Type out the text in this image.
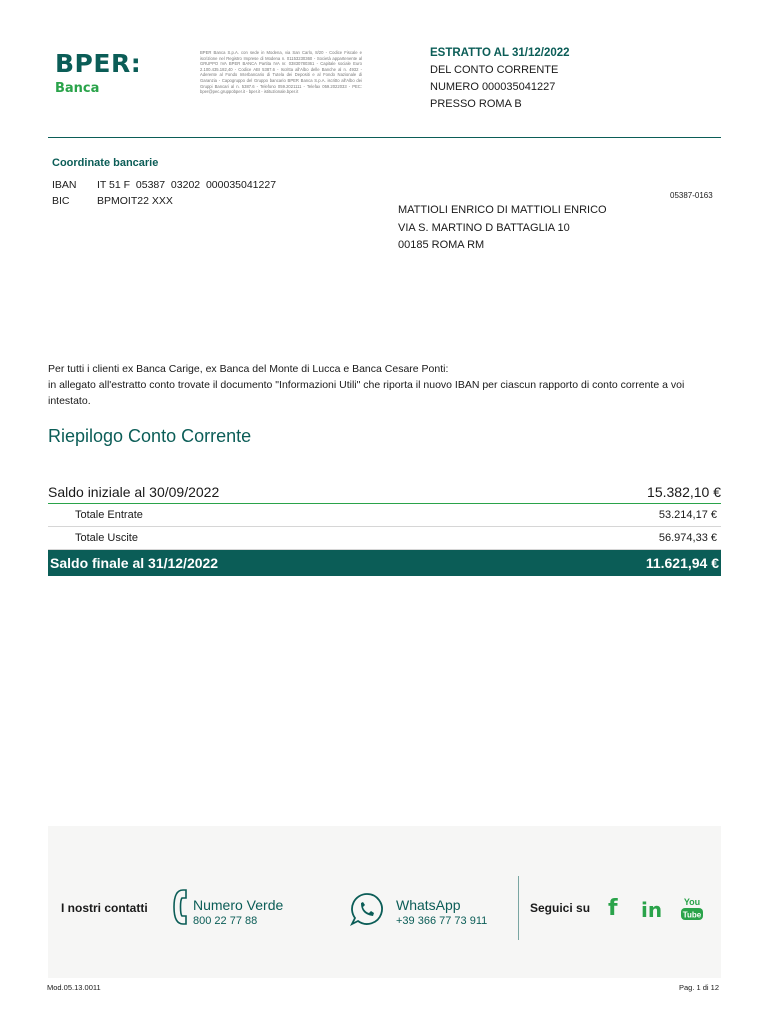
BPER:
Banca
BPER Banca S.p.A. con sede in Modena, via San Carlo, 8/20 - Codice Fiscale e iscrizione nel Registro Imprese di Modena n. 01153230360 - Società appartenente al GRUPPO IVA BPER BANCA Partita IVA nr. 03830780361 - Capitale sociale Euro 2.100.435.182,40 - Codice ABI 5387.6 - Iscritta all'Albo delle Banche al n. 4932 - Aderente al Fondo Interbancario di Tutela dei Depositi e al Fondo Nazionale di Garanzia - Capogruppo del Gruppo bancario BPER Banca S.p.A. iscritto all'Albo dei Gruppi Bancari al n. 5387.6 - Telefono 059.2021111 - Telefax 059.2022033 - PEC: bper@pec.gruppobper.it - bper.it - istituzionale.bper.it
ESTRATTO AL 31/12/2022
DEL CONTO CORRENTE
NUMERO 000035041227
PRESSO ROMA B
Coordinate bancarie
IBAN IT 51 F  05387  03202  000035041227
BIC	BPMOIT22 XXX	05387-0163
MATTIOLI ENRICO DI MATTIOLI ENRICO
VIA S. MARTINO D BATTAGLIA 10
00185 ROMA RM
Per tutti i clienti ex Banca Carige, ex Banca del Monte di Lucca e Banca Cesare Ponti:
in allegato all'estratto conto trovate il documento "Informazioni Utili" che riporta il nuovo IBAN per ciascun rapporto di conto corrente a voi intestato.
Riepilogo Conto Corrente
Saldo iniziale al 30/09/2022	15.382,10 €
Totale Entrate	53.214,17 €
Totale Uscite	56.974,33 €
Saldo finale al 31/12/2022	11.621,94 €
I nostri contatti	Numero Verde
800 22 77 88
WhatsApp
+39 366 77 73 911
Seguici su f in You
Tube
Mod.05.13.0011	Pag. 1 di 12
